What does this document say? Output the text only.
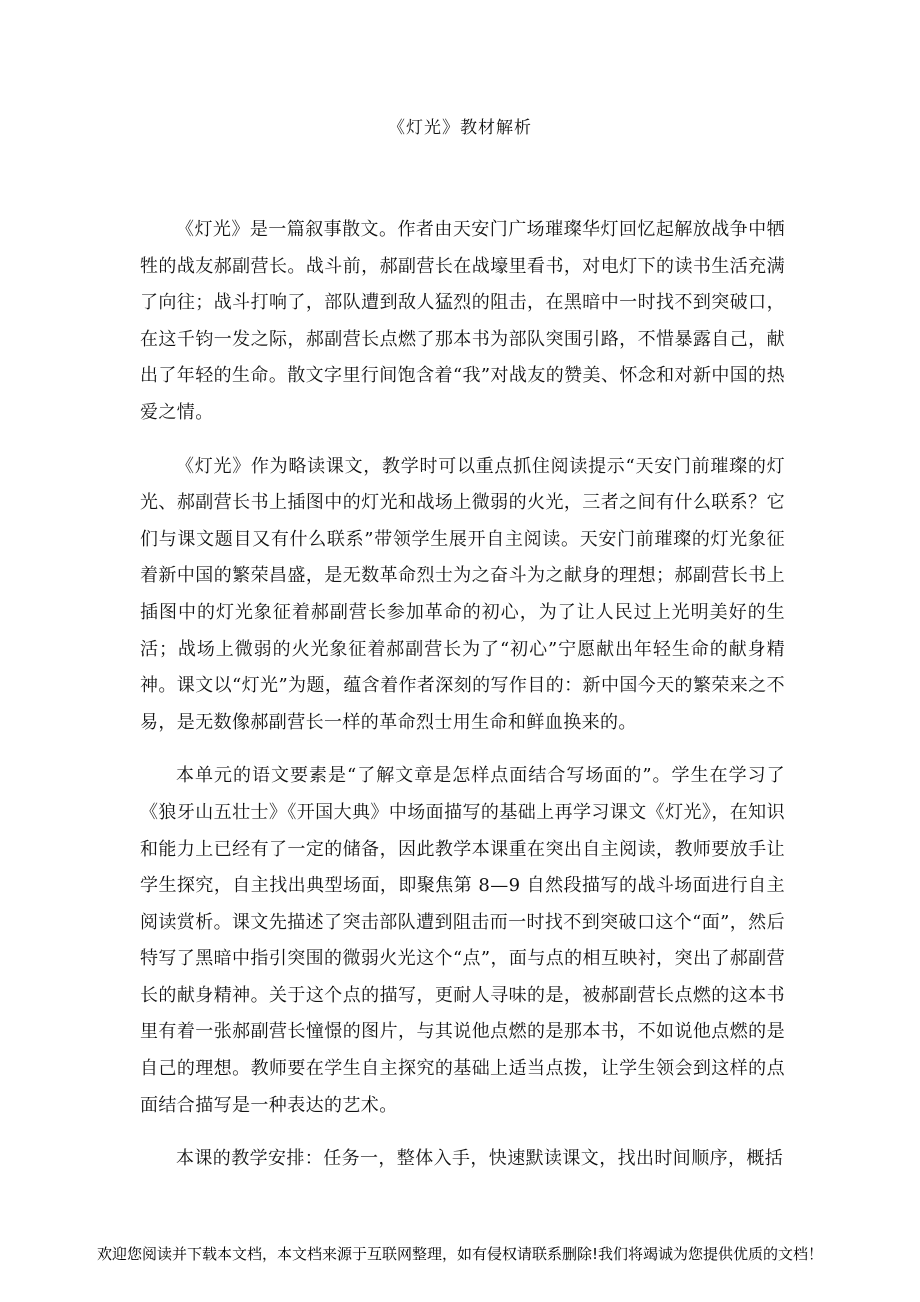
《灯光》教材解析

《灯光》是一篇叙事散文。作者由天安门广场璀璨华灯回忆起解放战争中牺牲的战友郝副营长。战斗前，郝副营长在战壕里看书，对电灯下的读书生活充满了向往；战斗打响了，部队遭到敌人猛烈的阻击，在黑暗中一时找不到突破口，在这千钧一发之际，郝副营长点燃了那本书为部队突围引路，不惜暴露自己，献出了年轻的生命。散文字里行间饱含着“我”对战友的赞美、怀念和对新中国的热爱之情。

《灯光》作为略读课文，教学时可以重点抓住阅读提示“天安门前璀璨的灯光、郝副营长书上插图中的灯光和战场上微弱的火光，三者之间有什么联系？它们与课文题目又有什么联系”带领学生展开自主阅读。天安门前璀璨的灯光象征着新中国的繁荣昌盛，是无数革命烈士为之奋斗为之献身的理想；郝副营长书上插图中的灯光象征着郝副营长参加革命的初心，为了让人民过上光明美好的生活；战场上微弱的火光象征着郝副营长为了“初心”宁愿献出年轻生命的献身精神。课文以“灯光”为题，蕴含着作者深刻的写作目的：新中国今天的繁荣来之不易，是无数像郝副营长一样的革命烈士用生命和鲜血换来的。

本单元的语文要素是“了解文章是怎样点面结合写场面的”。学生在学习了《狼牙山五壮士》《开国大典》中场面描写的基础上再学习课文《灯光》，在知识和能力上已经有了一定的储备，因此教学本课重在突出自主阅读，教师要放手让学生探究，自主找出典型场面，即聚焦第 8—9 自然段描写的战斗场面进行自主阅读赏析。课文先描述了突击部队遭到阻击而一时找不到突破口这个“面”，然后特写了黑暗中指引突围的微弱火光这个“点”，面与点的相互映衬，突出了郝副营长的献身精神。关于这个点的描写，更耐人寻味的是，被郝副营长点燃的这本书里有着一张郝副营长憧憬的图片，与其说他点燃的是那本书，不如说他点燃的是自己的理想。教师要在学生自主探究的基础上适当点拨，让学生领会到这样的点面结合描写是一种表达的艺术。

本课的教学安排：任务一，整体入手，快速默读课文，找出时间顺序，概括

欢迎您阅读并下载本文档，本文档来源于互联网整理，如有侵权请联系删除!我们将竭诚为您提供优质的文档！
